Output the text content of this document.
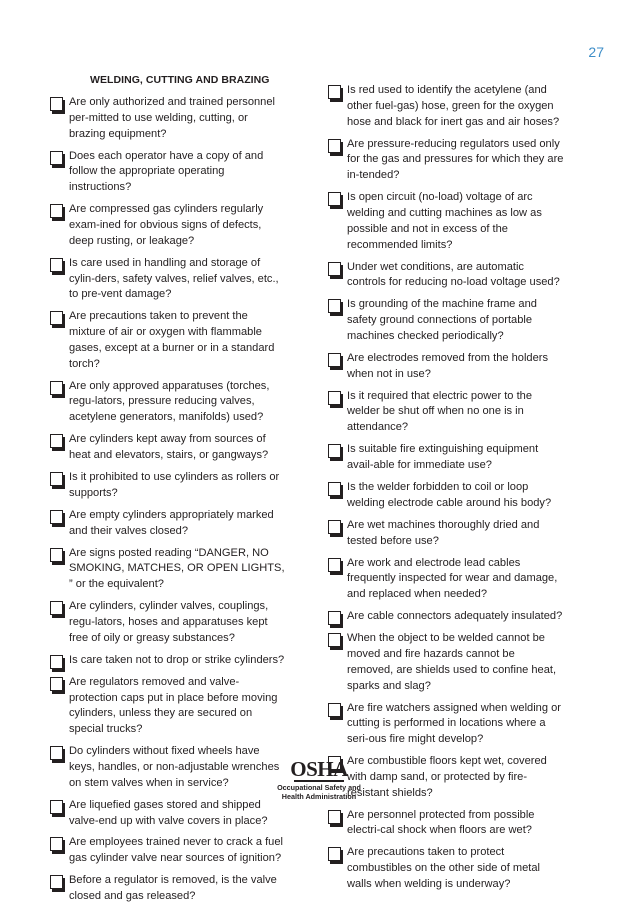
27
WELDING, CUTTING AND BRAZING
Are only authorized and trained personnel per-mitted to use welding, cutting, or brazing equipment?
Does each operator have a copy of and follow the appropriate operating instructions?
Are compressed gas cylinders regularly exam-ined for obvious signs of defects, deep rusting, or leakage?
Is care used in handling and storage of cylin-ders, safety valves, relief valves, etc., to pre-vent damage?
Are precautions taken to prevent the mixture of air or oxygen with flammable gases, except at a burner or in a standard torch?
Are only approved apparatuses (torches, regu-lators, pressure reducing valves, acetylene generators, manifolds) used?
Are cylinders kept away from sources of heat and elevators, stairs, or gangways?
Is it prohibited to use cylinders as rollers or supports?
Are empty cylinders appropriately marked and their valves closed?
Are signs posted reading “DANGER, NO SMOKING, MATCHES, OR OPEN LIGHTS, ” or the equivalent?
Are cylinders, cylinder valves, couplings, regu-lators, hoses and apparatuses kept free of oily or greasy substances?
Is care taken not to drop or strike cylinders?
Are regulators removed and valve-protection caps put in place before moving cylinders, unless they are secured on special trucks?
Do cylinders without fixed wheels have keys, handles, or non-adjustable wrenches on stem valves when in service?
Are liquefied gases stored and shipped valve-end up with valve covers in place?
Are employees trained never to crack a fuel gas cylinder valve near sources of ignition?
Before a regulator is removed, is the valve closed and gas released?
Is red used to identify the acetylene (and other fuel-gas) hose, green for the oxygen hose and black for inert gas and air hoses?
Are pressure-reducing regulators used only for the gas and pressures for which they are in-tended?
Is open circuit (no-load) voltage of arc welding and cutting machines as low as possible and not in excess of the recommended limits?
Under wet conditions, are automatic controls for reducing no-load voltage used?
Is grounding of the machine frame and safety ground connections of portable machines checked periodically?
Are electrodes removed from the holders when not in use?
Is it required that electric power to the welder be shut off when no one is in attendance?
Is suitable fire extinguishing equipment avail-able for immediate use?
Is the welder forbidden to coil or loop welding electrode cable around his body?
Are wet machines thoroughly dried and tested before use?
Are work and electrode lead cables frequently inspected for wear and damage, and replaced when needed?
Are cable connectors adequately insulated?
When the object to be welded cannot be moved and fire hazards cannot be removed, are shields used to confine heat, sparks and slag?
Are fire watchers assigned when welding or cutting is performed in locations where a seri-ous fire might develop?
Are combustible floors kept wet, covered with damp sand, or protected by fire-resistant shields?
Are personnel protected from possible electri-cal shock when floors are wet?
Are precautions taken to protect combustibles on the other side of metal walls when welding is underway?
OSHA
Occupational Safety and
Health Administration
